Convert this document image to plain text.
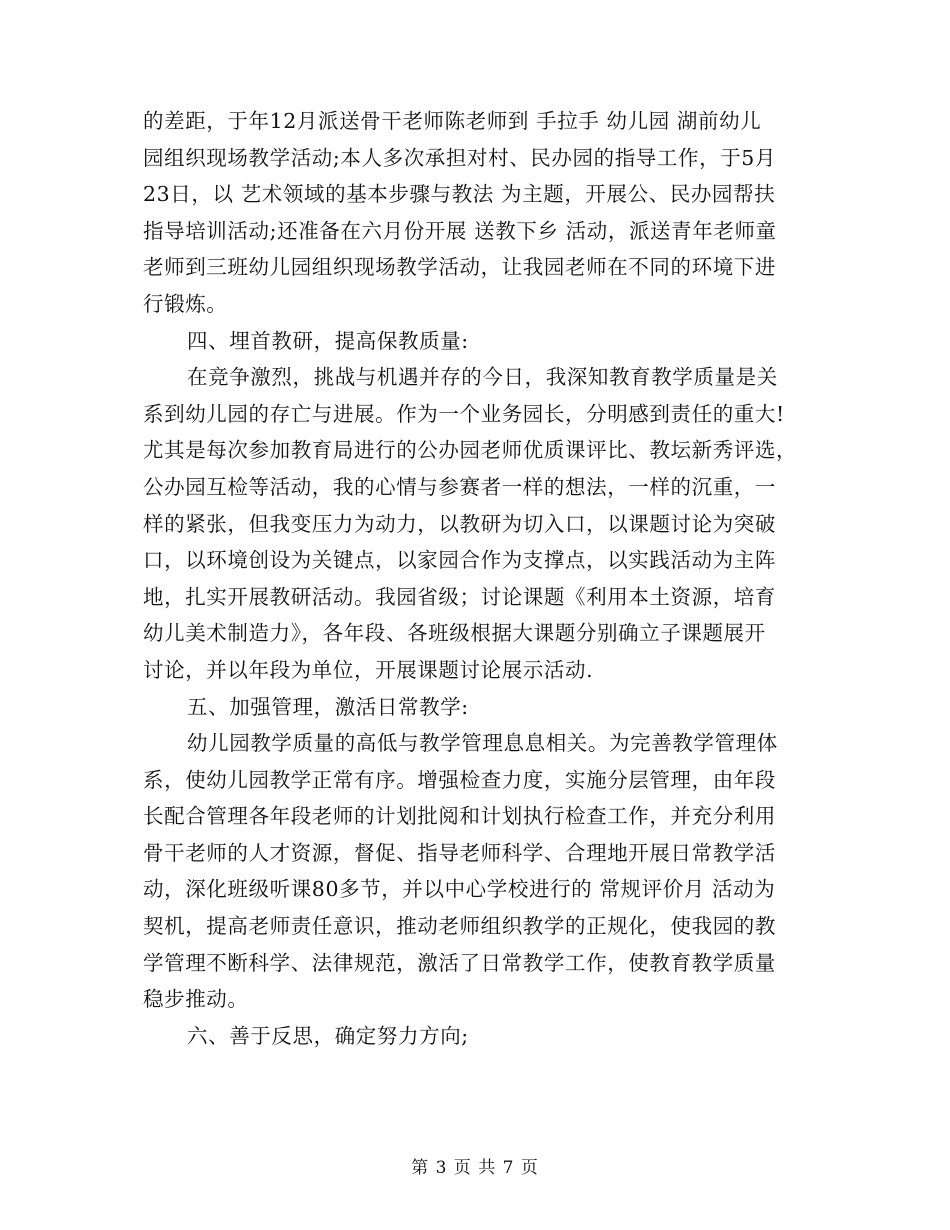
的差距，于年12月派送骨干老师陈老师到 手拉手 幼儿园 湖前幼儿
园组织现场教学活动;本人多次承担对村、民办园的指导工作，于5月
23日，以 艺术领域的基本步骤与教法 为主题，开展公、民办园帮扶
指导培训活动;还准备在六月份开展 送教下乡 活动，派送青年老师童
老师到三班幼儿园组织现场教学活动，让我园老师在不同的环境下进
行锻炼。
四、埋首教研，提高保教质量:
在竞争激烈，挑战与机遇并存的今日，我深知教育教学质量是关
系到幼儿园的存亡与进展。作为一个业务园长，分明感到责任的重大!
尤其是每次参加教育局进行的公办园老师优质课评比、教坛新秀评选，
公办园互检等活动，我的心情与参赛者一样的想法，一样的沉重，一
样的紧张，但我变压力为动力，以教研为切入口，以课题讨论为突破
口，以环境创设为关键点，以家园合作为支撑点，以实践活动为主阵
地，扎实开展教研活动。我园省级；讨论课题《利用本土资源，培育
幼儿美术制造力》，各年段、各班级根据大课题分别确立子课题展开
讨论，并以年段为单位，开展课题讨论展示活动.
五、加强管理，激活日常教学:
幼儿园教学质量的高低与教学管理息息相关。为完善教学管理体
系，使幼儿园教学正常有序。增强检查力度，实施分层管理，由年段
长配合管理各年段老师的计划批阅和计划执行检查工作，并充分利用
骨干老师的人才资源，督促、指导老师科学、合理地开展日常教学活
动，深化班级听课80多节，并以中心学校进行的 常规评价月 活动为
契机，提高老师责任意识，推动老师组织教学的正规化，使我园的教
学管理不断科学、法律规范，激活了日常教学工作，使教育教学质量
稳步推动。
六、善于反思，确定努力方向;
第 3 页 共 7 页
